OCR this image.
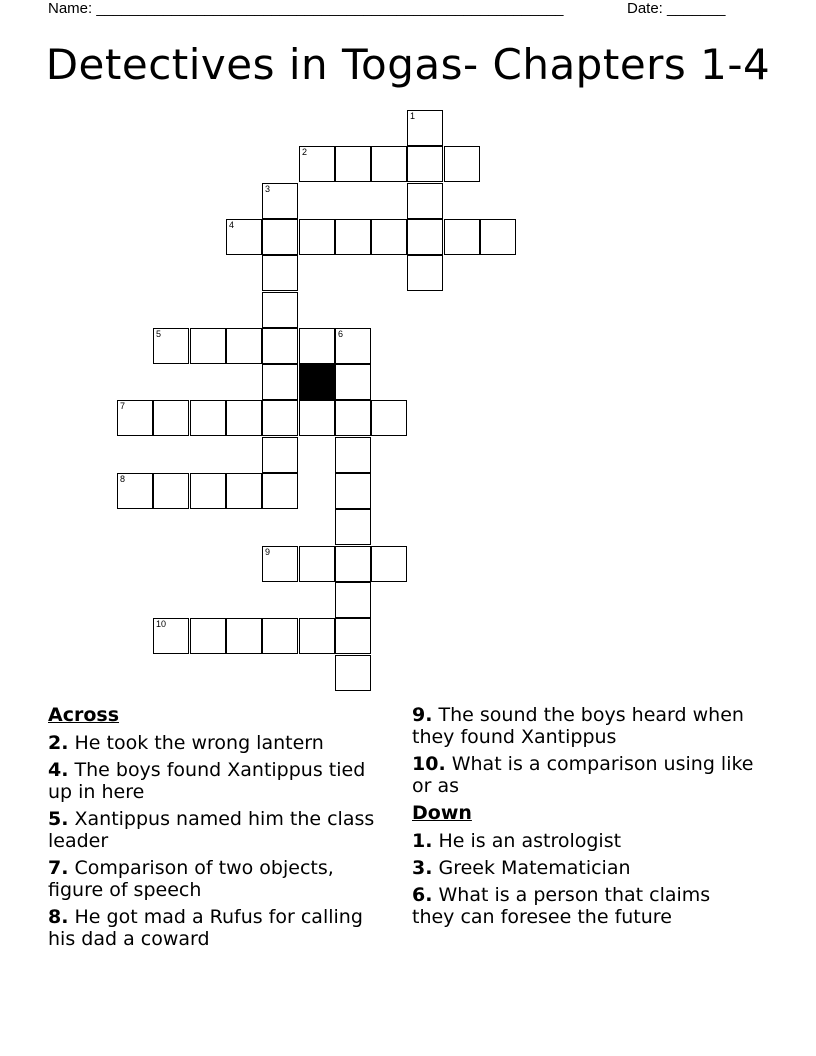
Name: ________________________________________________________	Date: _______
Detectives in Togas- Chapters 1-4
1
2
3
4
5	6
7
8
9
10
Across
2. He took the wrong lantern
4. The boys found Xantippus tied up in here
5. Xantippus named him the class leader
7. Comparison of two objects, figure of speech
8. He got mad a Rufus for calling his dad a coward
9. The sound the boys heard when they found Xantippus
10. What is a comparison using like or as
Down
1. He is an astrologist
3. Greek Matematician
6. What is a person that claims they can foresee the future
